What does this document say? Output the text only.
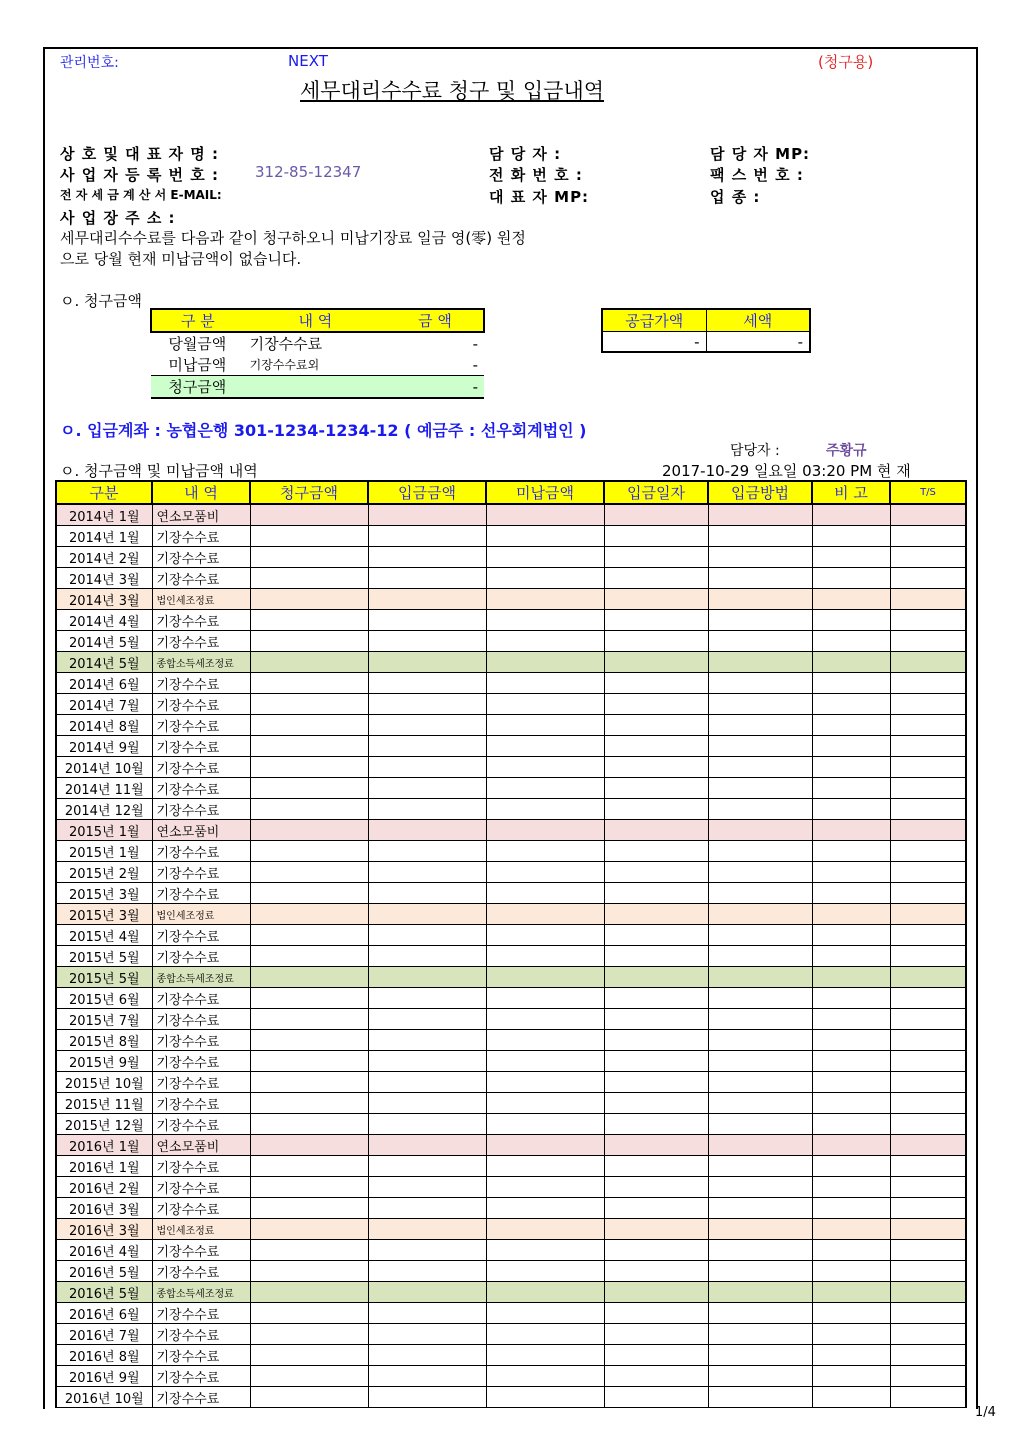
관리번호:	NEXT	(청구용)
세무대리수수료 청구 및 입금내역
상 호 및 대 표 자 명 :
사 업 자 등 록 번 호 : 312-85-12347
전 자 세 금 계 산 서 E-MAIL:
사 업 장 주 소 :
담 당 자 :
전 화 번 호 :
대 표 자 MP:
담 당 자 MP:
팩 스 번 호 :
업 종 :
세무대리수수료를 다음과 같이 청구하오니 미납기장료 일금 영(零) 원정
으로 당월 현재 미납금액이 없습니다.
ㅇ. 청구금액
구 분	내 역	금 액
당월금액	기장수수료	-
미납금액	기장수수료외	-
청구금액		-
공급가액	세액
-	-
ㅇ. 입금계좌 : 농협은행 301-1234-1234-12 ( 예금주 : 선우회계법인 )
담당자 :	주황규
ㅇ. 청구금액 및 미납금액 내역	2017-10-29 일요일 03:20 PM 현 재
구분	내 역	청구금액	입금금액	미납금액	입금일자	입금방법	비 고	T/S
2014년 1월	연소모품비							
2014년 1월	기장수수료							
2014년 2월	기장수수료							
2014년 3월	기장수수료							
2014년 3월	법인세조정료							
2014년 4월	기장수수료							
2014년 5월	기장수수료							
2014년 5월	종합소득세조정료							
2014년 6월	기장수수료							
2014년 7월	기장수수료							
2014년 8월	기장수수료							
2014년 9월	기장수수료							
2014년 10월	기장수수료							
2014년 11월	기장수수료							
2014년 12월	기장수수료							
2015년 1월	연소모품비							
2015년 1월	기장수수료							
2015년 2월	기장수수료							
2015년 3월	기장수수료							
2015년 3월	법인세조정료							
2015년 4월	기장수수료							
2015년 5월	기장수수료							
2015년 5월	종합소득세조정료							
2015년 6월	기장수수료							
2015년 7월	기장수수료							
2015년 8월	기장수수료							
2015년 9월	기장수수료							
2015년 10월	기장수수료							
2015년 11월	기장수수료							
2015년 12월	기장수수료							
2016년 1월	연소모품비							
2016년 1월	기장수수료							
2016년 2월	기장수수료							
2016년 3월	기장수수료							
2016년 3월	법인세조정료							
2016년 4월	기장수수료							
2016년 5월	기장수수료							
2016년 5월	종합소득세조정료							
2016년 6월	기장수수료							
2016년 7월	기장수수료							
2016년 8월	기장수수료							
2016년 9월	기장수수료							
2016년 10월	기장수수료							
1/4
